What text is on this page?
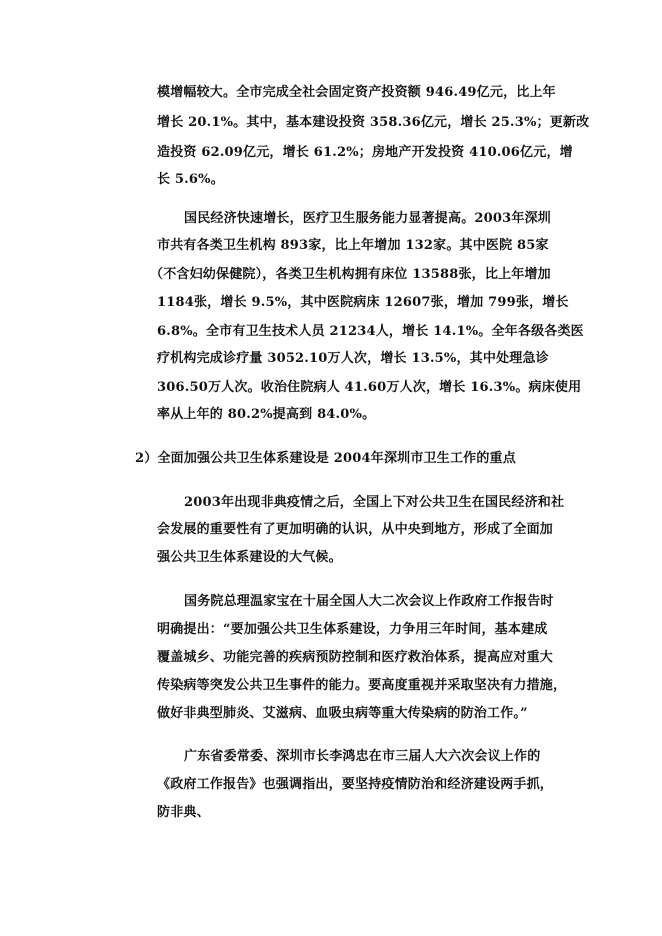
模增幅较大。全市完成全社会固定资产投资额 946.49亿元，比上年
增长 20.1%。其中，基本建设投资 358.36亿元，增长 25.3%；更新改
造投资 62.09亿元，增长 61.2%；房地产开发投资 410.06亿元，增
长 5.6%。
国民经济快速增长，医疗卫生服务能力显著提高。2003年深圳
市共有各类卫生机构 893家，比上年增加 132家。其中医院 85家
（不含妇幼保健院），各类卫生机构拥有床位 13588张，比上年增加
1184张，增长 9.5%，其中医院病床 12607张，增加 799张，增长
6.8%。全市有卫生技术人员 21234人，增长 14.1%。全年各级各类医
疗机构完成诊疗量 3052.10万人次，增长 13.5%，其中处理急诊
306.50万人次。收治住院病人 41.60万人次，增长 16.3%。病床使用
率从上年的 80.2%提高到 84.0%。
2）全面加强公共卫生体系建设是 2004年深圳市卫生工作的重点
2003年出现非典疫情之后，全国上下对公共卫生在国民经济和社
会发展的重要性有了更加明确的认识，从中央到地方，形成了全面加
强公共卫生体系建设的大气候。
国务院总理温家宝在十届全国人大二次会议上作政府工作报告时
明确提出：“要加强公共卫生体系建设，力争用三年时间，基本建成
覆盖城乡、功能完善的疾病预防控制和医疗救治体系，提高应对重大
传染病等突发公共卫生事件的能力。要高度重视并采取坚决有力措施，
做好非典型肺炎、艾滋病、血吸虫病等重大传染病的防治工作。”
广东省委常委、深圳市长李鸿忠在市三届人大六次会议上作的
《政府工作报告》也强调指出，要坚持疫情防治和经济建设两手抓，
防非典、
